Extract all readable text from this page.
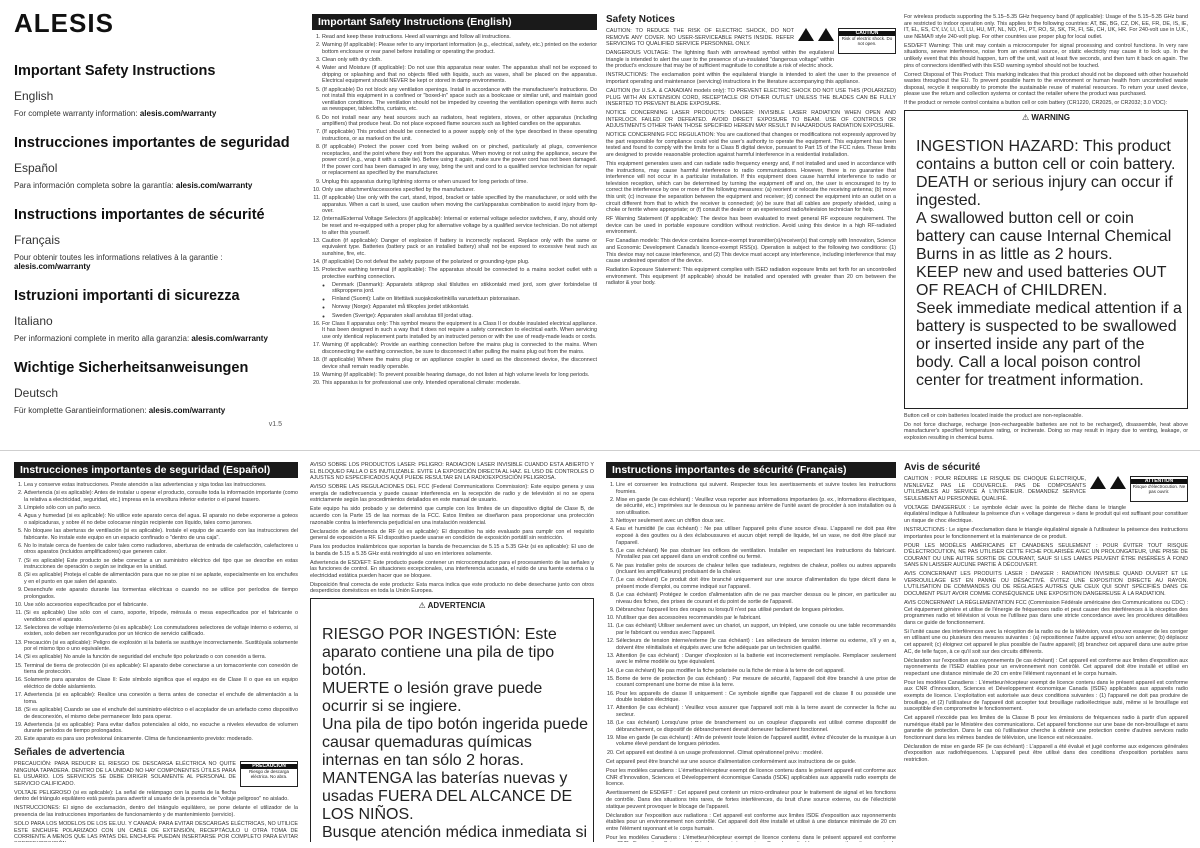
ALESIS
Important Safety Instructions
English
For complete warranty information: alesis.com/warranty
Instrucciones importantes de seguridad
Español
Para información completa sobre la garantía: alesis.com/warranty
Instructions importantes de sécurité
Français
Pour obtenir toutes les informations relatives à la garantie : alesis.com/warranty
Istruzioni importanti di sicurezza
Italiano
Per informazioni complete in merito alla garanzia: alesis.com/warranty
Wichtige Sicherheitsanweisungen
Deutsch
Für komplette Garantieinformationen: alesis.com/warranty
v1.5
Important Safety Instructions (English)
1. Read and keep these instructions. Heed all warnings and follow all instructions.
2. Warning (if applicable): Please refer to any important information (e.g., electrical, safety, etc.) printed on the exterior bottom enclosure or rear panel before installing or operating the product.
3. Clean only with dry cloth.
4. Water and Moisture (if applicable): Do not use this apparatus near water. The apparatus shall not be exposed to dripping or splashing and that no objects filled with liquids, such as vases, shall be placed on the apparatus. Electrical equipment should NEVER be kept or stored in damp environments.
5. (If applicable) Do not block any ventilation openings. Install in accordance with the manufacturer's instructions. Do not install this equipment in a confined or "boxed-in" space such as a bookcase or similar unit, and maintain good ventilation conditions. The ventilation should not be impeded by covering the ventilation openings with items such as newspaper, tablecloths, curtains, etc.
6. Do not install near any heat sources such as radiators, heat registers, stoves, or other apparatus (including amplifiers) that produce heat. Do not place exposed flame sources such as lighted candles on the apparatus.
7. (If applicable) This product should be connected to a power supply only of the type described in these operating instructions, or as marked on the unit.
8. (If applicable) Protect the power cord from being walked on or pinched, particularly at plugs, convenience receptacles, and the point where they exit from the apparatus. When moving or not using the appliance, secure the power cord (e.g., wrap it with a cable tie). Before using it again, make sure the power cord has not been damaged. If the power cord has been damaged in any way, bring the unit and cord to a qualified service technician for repair or replacement as specified by the manufacturer.
9. Unplug this apparatus during lightning storms or when unused for long periods of time.
10. Only use attachment/accessories specified by the manufacturer.
11. (If applicable) Use only with the cart, stand, tripod, bracket or table specified by the manufacturer, or sold with the apparatus. When a cart is used, use caution when moving the cart/apparatus combination to avoid injury from tip-over.
12. (Internal/External Voltage Selectors (if applicable): Internal or external voltage selector switches, if any, should only be reset and re-equipped with a proper plug for alternative voltage by a qualified service technician. Do not attempt to alter this yourself.
13. Caution (if applicable): Danger of explosion if battery is incorrectly replaced. Replace only with the same or equivalent type. Batteries (battery pack or an installed battery) shall not be exposed to excessive heat such as sunshine, fire, etc.
14. (If applicable) Do not defeat the safety purpose of the polarized or grounding-type plug.
15. Protective earthing terminal (if applicable): The apparatus should be connected to a mains socket outlet with a protective earthing connection.
◦ Denmark (Danmark): Apparatets stikprop skal tilsluttes en stikkontakt med jord, som giver forbindelse til stikproppens jord.
◦ Finland (Suomi): Laite on liitettävä suojakosketinkilla varustettuun pistorasiaan.
◦ Norway (Norge): Apparatet må tilkoples jordet stikkontakt.
◦ Sweden (Sverige): Apparaten skall anslutas till jordat uttag.
16. For Class II apparatus only: This symbol means the equipment is a Class II or double insulated electrical appliance. It has been designed in such a way that it does not require a safety connection to electrical earth. When servicing use only identical replacement parts installed by an instructed person or with the use of ready-made leads or cords.
17. Warning (if applicable): Provide an earthing connection before the mains plug is connected to the mains. When disconnecting the earthing connection, be sure to disconnect it after pulling the mains plug out from the mains.
18. (If applicable) Where the mains plug or an appliance coupler is used as the disconnect device, the disconnect device shall remain readily operable.
19. Warning (if applicable): To prevent possible hearing damage, do not listen at high volume levels for long periods.
20. This apparatus is for professional use only. Intended operational climate: moderate.
Safety Notices
CAUTION
Risk of electric shock. Do not open.

CAUTION: TO REDUCE THE RISK OF ELECTRIC SHOCK, DO NOT REMOVE ANY COVER. NO USER-SERVICEABLE PARTS INSIDE. REFER SERVICING TO QUALIFIED SERVICE PERSONNEL ONLY.

DANGEROUS VOLTAGE: The lightning flash with arrowhead symbol within the equilateral triangle is intended to alert the user to the presence of un-insulated "dangerous voltage" within the product's enclosure that may be of sufficient magnitude to constitute a risk of electric shock.

INSTRUCTIONS: The exclamation point within the equilateral triangle is intended to alert the user to the presence of important operating and maintenance (servicing) instructions in the literature accompanying this appliance.

CAUTION (for U.S.A. & CANADIAN models only): TO PREVENT ELECTRIC SHOCK DO NOT USE THIS (POLARIZED) PLUG WITH AN EXTENSION CORD, RECEPTACLE OR OTHER OUTLET UNLESS THE BLADES CAN BE FULLY INSERTED TO PREVENT BLADE EXPOSURE.

NOTICE CONCERNING LASER PRODUCTS: DANGER: INVISIBLE LASER RADIATION WHEN OPEN AND INTERLOCK FAILED OR DEFEATED. AVOID DIRECT EXPOSURE TO BEAM. USE OF CONTROLS OR ADJUSTMENTS OTHER THAN THOSE SPECIFIED HEREIN MAY RESULT IN HAZARDOUS RADIATION EXPOSURE.

NOTICE CONCERNING FCC REGULATION: You are cautioned that changes or modifications not expressly approved by the part responsible for compliance could void the user's authority to operate the equipment. This equipment has been tested and found to comply with the limits for a Class B digital device, pursuant to Part 15 of the FCC rules. These limits are designed to provide reasonable protection against harmful interference in a residential installation.

This equipment generates uses and can radiate radio frequency energy and, if not installed and used in accordance with the instructions, may cause harmful interference to radio communications. However, there is no guarantee that interference will not occur in a particular installation. If this equipment does cause harmful interference to radio or television reception, which can be determined by turning the equipment off and on, the user is encouraged to try to correct the interference by one or more of the following measures: (a) reorient or relocate the receiving antenna; (b) move this unit; (c) increase the separation between the equipment and receiver; (d) connect the equipment into an outlet on a circuit different from that to which the receiver is connected; (e) be sure that all cables are properly shielded, using a choke or ferrite where appropriate; or (f) consult the dealer or an experienced radio/television technician for help.

RF Warning Statement (if applicable): The device has been evaluated to meet general RF exposure requirement. The device can be used in portable exposure condition without restriction. Avoid using this device in a high RF-radiated environment.

For Canadian models: This device contains licence-exempt transmitter(s)/receiver(s) that comply with Innovation, Science and Economic Development Canada's licence-exempt RSS(s). Operation is subject to the following two conditions: (1) This device may not cause interference, and (2) This device must accept any interference, including interference that may cause undesired operation of the device.

Radiation Exposure Statement: This equipment complies with ISED radiation exposure limits set forth for an uncontrolled environment. This equipment (if applicable) should be installed and operated with greater than 20 cm between the radiator & your body.

For wireless products supporting the 5.15–5.35 GHz frequency band (if applicable): Usage of the 5.15–5.35 GHz band are restricted to indoor operation only. This applies to the following countries: AT, BE, BG, CZ, DK, EE, FR, DE, IS, IE, IT, EL, ES, CY, LV, LI, LT, LU, HU, MT, NL, NO, PL, PT, RO, SI, SK, TR, FI, SE, CH, UK, HR. For 240-volt use in U.K., use NEMA® style 240-volt plug. For other countries use proper plug for local outlet.

ESD/EFT Warning: This unit may contain a microcomputer for signal processing and control functions. In very rare situations, severe interference, noise from an external source, or static electricity may cause it to lock up. In the unlikely event that this should happen, turn off the unit, wait at least five seconds, and then turn it back on again. The pins of connectors identified with this ESD warning symbol should not be touched.

Correct Disposal of This Product: This marking indicates that this product should not be disposed with other household wastes throughout the EU. To prevent possible harm to the environment or human health from uncontrolled waste disposal, recycle it responsibly to promote the sustainable reuse of material resources. To return your used device, please use the return and collection systems or contact the retailer where the product was purchased.

If the product or remote control contains a button cell or coin battery (CR1220, CR2025, or CR2032; 3.0 VDC):

⚠ WARNING
• INGESTION HAZARD: This product contains a button cell or coin battery.
• DEATH or serious injury can occur if ingested.
• A swallowed button cell or coin battery can cause Internal Chemical Burns in as little as 2 hours.
• KEEP new and used batteries OUT OF REACH of CHILDREN.
• Seek immediate medical attention if a battery is suspected to be swallowed or inserted inside any part of the body. Call a local poison control center for treatment information.

Button cell or coin batteries located inside the product are non-replaceable.

Do not force discharge, recharge (non-rechargeable batteries are not to be recharged), disassemble, heat above manufacturer's specified temperature rating, or incinerate. Doing so may result in injury due to venting, leakage, or explosion resulting in chemical burns.

Instrucciones importantes de seguridad (Español)
1. Lea y conserve estas instrucciones. Preste atención a las advertencias y siga todas las instrucciones.
2. Advertencia (si es aplicable): Antes de instalar u operar el producto, consulte toda la información importante (como la relativa a electricidad, seguridad, etc.) impresa en la envoltura inferior exterior o el panel trasero.
3. Límpielo sólo con un paño seco.
4. Agua y humedad (si es aplicable): No utilice este aparato cerca del agua. El aparato no debe exponerse a goteos o salpicaduras, y sobre él no debe colocarse ningún recipiente con líquido, tales como jarrones.
5. No bloquee las aberturas de ventilación (si es aplicable). Instale el equipo de acuerdo con las instrucciones del fabricante. No instale este equipo en un espacio confinado o "dentro de una caja".
6. No lo instale cerca de fuentes de calor tales como radiadores, aberturas de entrada de calefacción, calefactores u otros aparatos (incluidos amplificadores) que generen calor.
7. (Si es aplicable) Este producto se debe conectar a un suministro eléctrico del tipo que se describe en estas instrucciones de operación o según se indique en la unidad.
8. (Si es aplicable) Proteja el cable de alimentación para que no se pise ni se aplaste, especialmente en los enchufes y en el punto en que salen del aparato.
9. Desenchufe este aparato durante las tormentas eléctricas o cuando no se utilice por períodos de tiempo prolongados.
10. Use sólo accesorios especificados por el fabricante.
11. (Si es aplicable) Use sólo con el carro, soporte, trípode, ménsula o mesa especificados por el fabricante o vendidos con el aparato.
12. Selectores de voltaje interno/externo (si es aplicable): Los conmutadores selectores de voltaje interno o externo, si existen, solo deben ser reconfigurados por un técnico de servicio calificado.
13. Precaución (si es aplicable): Peligro de explosión si la batería se sustituye incorrectamente. Sustitúyala solamente por el mismo tipo o uno equivalente.
14. (Si es aplicable) No anule la función de seguridad del enchufe tipo polarizado o con conexión a tierra.
15. Terminal de tierra de protección (si es aplicable): El aparato debe conectarse a un tomacorriente con conexión de tierra de protección.
16. Solamente para aparatos de Clase II: Este símbolo significa que el equipo es de Clase II o que es un equipo eléctrico de doble aislamiento.
17. Advertencia (si es aplicable): Realice una conexión a tierra antes de conectar el enchufe de alimentación a la toma.
18. (Si es aplicable) Cuando se use el enchufe del suministro eléctrico o el acoplador de un artefacto como dispositivo de desconexión, el mismo debe permanecer listo para operar.
19. Advertencia (si es aplicable): Para evitar daños potenciales al oído, no escuche a niveles elevados de volumen durante períodos de tiempo prolongados.
20. Este aparato es para uso profesional únicamente. Clima de funcionamiento previsto: moderado.
Señales de advertencia
PRECAUCIÓN
Riesgo de descarga eléctrica. No abra.

PRECAUCIÓN: PARA REDUCIR EL RIESGO DE DESCARGA ELÉCTRICA NO QUITE NINGUNA TAPADERA. DENTRO DE LA UNIDAD NO HAY COMPONENTES ÚTILES PARA EL USUARIO. LOS SERVICIOS SE DEBE DIRIGIR SOLAMENTE AL PERSONAL DE SERVICIO CALIFICADO.

VOLTAJE PELIGROSO (si es aplicable): La señal de relámpago con la punta de la flecha dentro del triángulo equilátero está puesta para advertir al usuario de la presencia de "voltaje peligroso" no aislado.

INSTRUCCIONES: El signo de exclamación, dentro del triángulo equilátero, se pone delante el utilizador de la presencia de las instrucciones importantes de funcionamiento y de mantenimiento (servicio).

SOLO PARA LOS MODELOS DE LOS EE.UU. Y CANADÁ: PARA EVITAR DESCARGAS ELÉCTRICAS, NO UTILICE ESTE ENCHUFE POLARIZADO CON UN CABLE DE EXTENSIÓN, RECEPTÁCULO U OTRA TOMA DE CORRIENTE A MENOS QUE LAS PATAS DEL ENCHUFE PUEDAN INSERTARSE POR COMPLETO PARA EVITAR

AVISO SOBRE LOS PRODUCTOS LÁSER: PELIGRO: RADIACIÓN LÁSER INVISIBLE CUANDO ESTÁ ABIERTO Y EL BLOQUEO FALLA O ES INUTILIZABLE. EVITE LA EXPOSICIÓN DIRECTA AL HAZ. EL USO DE CONTROLES O AJUSTES NO ESPECIFICADOS AQUÍ PUEDE RESULTAR EN LA RADIOEXPOSICIÓN PELIGROSA.

AVISO SOBRE LAS REGULACIONES DEL FCC (Federal Communications Commission): Este equipo genera y usa energía de radiofrecuencia y puede causar interferencia en la recepción de radio y de televisión si no se opera estrictamente según las procedimientos detallados en este manual de usuario.

Este equipo ha sido probado y se determinó que cumple con los límites de un dispositivo digital de Clase B, de acuerdo con la Parte 15 de las normas de la FCC. Estos límites se diseñaron para proporcionar una protección razonable contra la interferencia perjudicial en una instalación residencial.

Declaración de advertencia de RF (si es aplicable): El dispositivo ha sido evaluado para cumplir con el requisito general de exposición a RF. El dispositivo puede usarse en condición de exposición portátil sin restricción.

Para los productos inalámbricos que soportan la banda de frecuencias de 5.15 a 5.35 GHz (si es aplicable): El uso de la banda de 5.15 a 5.35 GHz está restringido al uso en interiores solamente.

Advertencia de ESD/EFT: Este producto puede contener un microcomputador para el procesamiento de las señales y las funciones de control. En situaciones excepcionales, una interferencia acusada, el ruido de una fuente externa o la electricidad estática pueden hacer que se bloquee.

Disposición final correcta de este producto: Esta marca indica que este producto no debe desecharse junto con otros desperdicios domésticos en toda la Unión Europea.

⚠ ADVERTENCIA
• RIESGO POR INGESTIÓN: Este aparato contiene una pila de tipo botón.
• MUERTE o lesión grave puede ocurrir si se ingiere.
• Una pila de tipo botón ingerida puede causar quemaduras químicas internas en tan sólo 2 horas.
• MANTENGA las baterías nuevas y usadas FUERA DEL ALCANCE DE LOS NIÑOS.
• Busque atención médica inmediata si

Instructions importantes de sécurité (Français)
1. Lire et conserver les instructions qui suivent. Respecter tous les avertissements et suivre toutes les instructions fournies.
2. Mise en garde (le cas échéant) : Veuillez vous reporter aux informations importantes (p. ex., informations électriques, de sécurité, etc.) imprimées sur le dessous ou le panneau arrière de l'unité avant de procéder à son installation ou à son utilisation.
3. Nettoyer seulement avec un chiffon doux sec.
4. Eau et humidité (le cas échéant) : Ne pas utiliser l'appareil près d'une source d'eau. L'appareil ne doit pas être exposé à des gouttes ou à des éclaboussures et aucun objet rempli de liquide, tel un vase, ne doit être placé sur l'appareil.
5. (Le cas échéant) Ne pas obstruer les orifices de ventilation. Installer en respectant les instructions du fabricant. N'installez pas cet appareil dans un endroit confiné ou fermé.
6. Ne pas installer près de sources de chaleur telles que radiateurs, registres de chaleur, poêles ou autres appareils (incluant les amplificateurs) produisant de la chaleur.
7. (Le cas échéant) Ce produit doit être branché uniquement sur une source d'alimentation du type décrit dans le présent mode d'emploi, ou comme indiqué sur l'appareil.
8. (Le cas échéant) Protégez le cordon d'alimentation afin de ne pas marcher dessus ou le pincer, en particulier au niveau des fiches, des prises de courant et du point de sortie de l'appareil.
9. Débranchez l'appareil lors des orages ou lorsqu'il n'est pas utilisé pendant de longues périodes.
10. N'utiliser que des accessoires recommandés par le fabricant.
11. (Le cas échéant) Utiliser seulement avec un chariot, un support, un trépied, une console ou une table recommandés par le fabricant ou vendus avec l'appareil.
12. Sélecteurs de tension interne/externe (le cas échéant) : Les sélecteurs de tension interne ou externe, s'il y en a, doivent être réinitialisés et équipés avec une fiche adéquate par un technicien qualifié.
13. Attention (le cas échéant) : Danger d'explosion si la batterie est incorrectement remplacée. Remplacer seulement avec le même modèle ou type équivalent.
14. (Le cas échéant) Ne pas modifier la fiche polarisée ou la fiche de mise à la terre de cet appareil.
15. Borne de terre de protection (le cas échéant) : Par mesure de sécurité, l'appareil doit être branché à une prise de courant comprenant une borne de mise à la terre.
16. Pour les appareils de classe II uniquement : Ce symbole signifie que l'appareil est de classe II ou possède une double isolation électrique.
17. Attention (le cas échéant) : Veuillez vous assurer que l'appareil soit mis à la terre avant de connecter la fiche au secteur.
18. (Le cas échéant) Lorsqu'une prise de branchement ou un coupleur d'appareils est utilisé comme dispositif de débranchement, ce dispositif de débranchement devrait demeurer facilement fonctionnel.
19. Mise en garde (le cas échéant) : Afin de prévenir toute lésion de l'appareil auditif, évitez d'écouter de la musique à un volume élevé pendant de longues périodes.
20. Cet appareil est destiné à un usage professionnel. Climat opérationnel prévu : modéré.

Cet appareil peut être branché sur une source d'alimentation conformément aux instructions de ce guide.

Pour les modèles canadiens : L'émetteur/récepteur exempt de licence contenu dans le présent appareil est conforme aux CNR d'Innovation, Sciences et Développement économique Canada (ISDE) applicables aux appareils radio exempts de licence.

Avertissement de ESD/EFT : Cet appareil peut contenir un micro-ordinateur pour le traitement de signal et les fonctions de contrôle. Dans des situations très rares, de fortes interférences, du bruit d'une source externe, ou de l'électricité statique peuvent provoquer le blocage de l'appareil.

Déclaration sur l'exposition aux radiations : Cet appareil est conforme aux limites ISDE d'exposition aux rayonnements établies pour un environnement non contrôlé. Cet appareil doit être installé et utilisé à une distance minimale de 20 cm entre l'élément rayonnant et le corps humain.

Pour les modèles Canadiens : L'émetteur/récepteur exempt de licence contenu dans le présent appareil est conforme

Avis de sécurité
ATTENTION
Risque d'électrocution. Ne pas ouvrir.

CAUTION : POUR RÉDUIRE LE RISQUE DE CHOQUE ÉLECTRIQUE, N'ENLEVEZ PAS LE COUVERCLE. PAS DE COMPOSANTS UTILISABLES AU SERVICE À L'INTÉRIEUR. DEMANDEZ SERVICE SEULEMENT AU PERSONNEL QUALIFIÉ.

VOLTAGE DANGEREUX : Le symbole éclair avec la pointe de flèche dans le triangle équilatéral indique à l'utilisateur la présence d'un « voltage dangereux » dans le produit qui est suffisant pour constituer un risque de choc électrique.

INSTRUCTIONS : Le signe d'exclamation dans le triangle équilatéral signale à l'utilisateur la présence des instructions importantes pour le fonctionnement et la maintenance de ce produit.

POUR LES MODÈLES AMÉRICAINS ET CANADIENS SEULEMENT : POUR ÉVITER TOUT RISQUE D'ÉLECTROCUTION, NE PAS UTILISER CETTE FICHE POLARISÉE AVEC UN PROLONGATEUR, UNE PRISE DE COURANT OU UNE AUTRE SORTIE DE COURANT, SAUF SI LES LAMES PEUVENT ÊTRE INSÉRÉES À FOND SANS EN LAISSER AUCUNE PARTIE À DÉCOUVERT.

AVIS CONCERNANT LES PRODUITS LASER : DANGER : RADIATION INVISIBLE QUAND OUVERT ET LE VERROUILLAGE EST EN PANNE OU DÉSACTIVÉ. ÉVITEZ UNE EXPOSITION DIRECTE AU RAYON. L'UTILISATION DE COMMANDES OU DE RÉGLAGES AUTRES QUE CEUX QUI SONT SPÉCIFIÉS DANS CE DOCUMENT PEUT AVOIR COMME CONSÉQUENCE UNE EXPOSITION DANGEREUSE À LA RADIATION.

AVIS CONCERNANT LA RÉGLEMENTATION FCC (Commission Fédérale américaine des Communications ou CDC) : Cet équipement génère et utilise de l'énergie de fréquences radio et peut causer des interférences à la réception des programmes radio et télévision si vous ne l'utilisez pas dans une stricte concordance avec les procédures détaillées dans ce guide de fonctionnement.

Si l'unité cause des interférences avec la réception de la radio ou de la télévision, vous pouvez essayer de les corriger en utilisant une ou plusieurs des mesures suivantes : (a) repositionnez l'autre appareil et/ou son antenne; (b) déplacez cet appareil; (c) éloignez cet appareil le plus possible de l'autre appareil; (d) branchez cet appareil dans une autre prise AC, de telle façon, à ce qu'il soit sur des circuits différents.

Déclaration sur l'exposition aux rayonnements (le cas échéant) : Cet appareil est conforme aux limites d'exposition aux rayonnements de l'ISED établies pour un environnement non contrôlé. Cet appareil doit être installé et utilisé en respectant une distance minimale de 20 cm entre l'élément rayonnant et le corps humain.

Pour les modèles Canadiens : L'émetteur/récepteur exempt de licence contenu dans le présent appareil est conforme aux CNR d'Innovation, Sciences et Développement économique Canada (ISDE) applicables aux appareils radio exempts de licence. L'exploitation est autorisée aux deux conditions suivantes : (1) l'appareil ne doit pas produire de brouillage, et (2) l'utilisateur de l'appareil doit accepter tout brouillage radioélectrique subi, même si le brouillage est susceptible d'en compromettre le fonctionnement.

Cet appareil n'excède pas les limites de la Classe B pour les émissions de fréquences radio à partir d'un appareil numérique établi par le Ministère des communications. Cet appareil fonctionne sur une base de non-brouillage et sans garantie de protection. Dans le cas où l'utilisateur cherche à obtenir une protection contre d'autres services radio fonctionnant dans les mêmes bandes de télévision, une licence est nécessaire.

Déclaration de mise en garde RF (le cas échéant) : L'appareil a été évalué et jugé conforme aux exigences générales d'exposition aux radiofréquences. L'appareil peut être utilisé dans des conditions d'exposition portables sans restriction.
